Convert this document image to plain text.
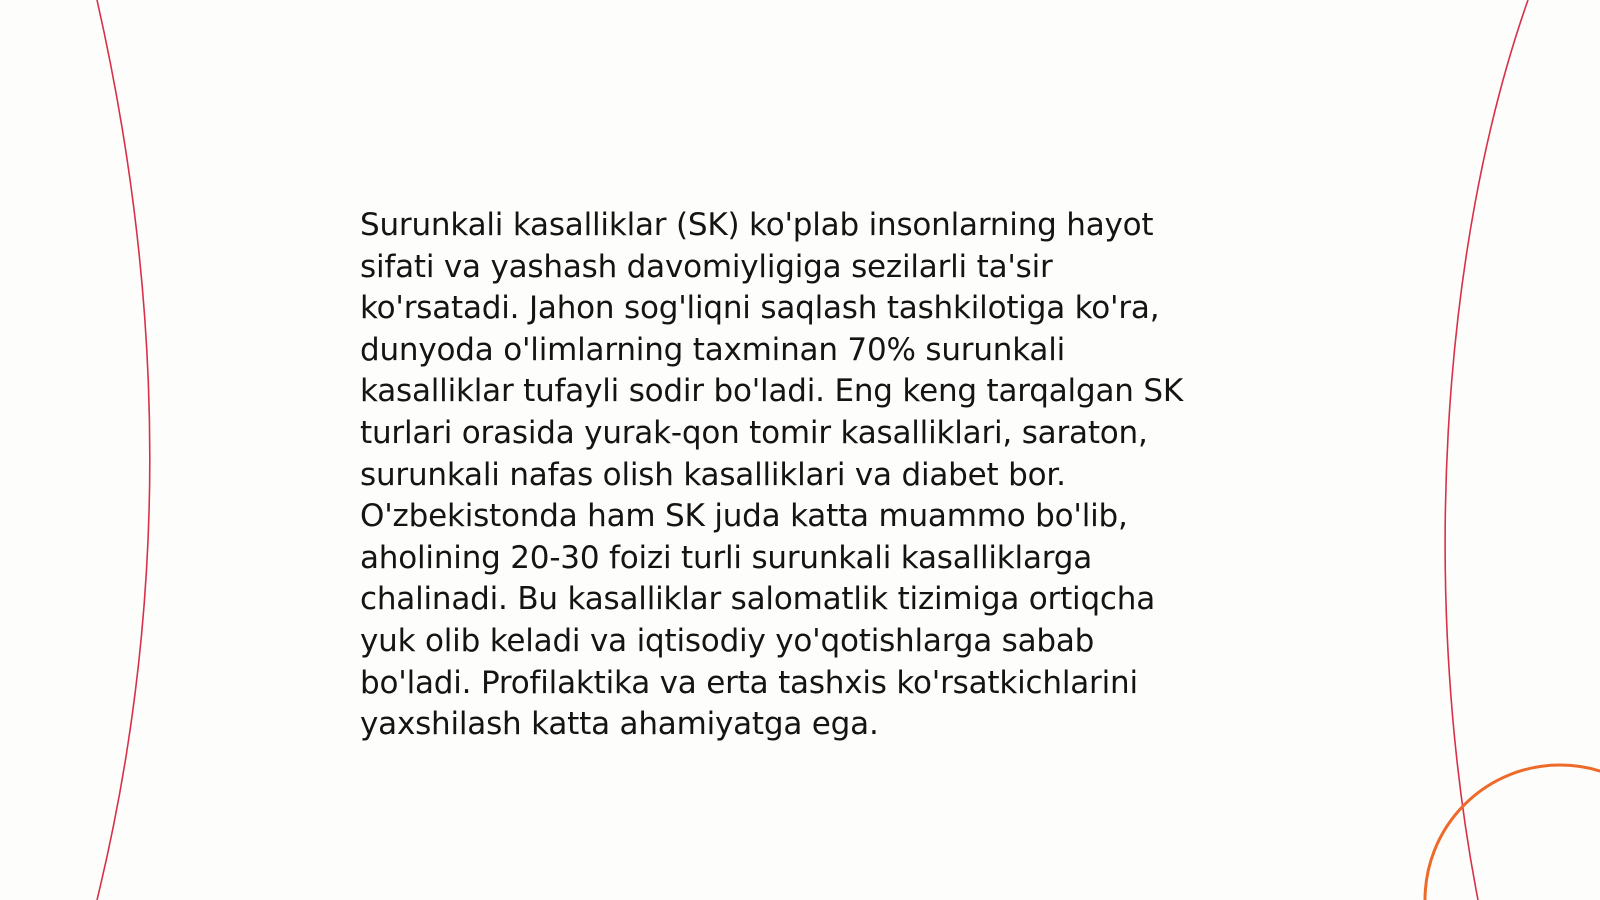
Surunkali kasalliklar (SK) ko'plab insonlarning hayot
sifati va yashash davomiyligiga sezilarli ta'sir
ko'rsatadi. Jahon sog'liqni saqlash tashkilotiga ko'ra,
dunyoda o'limlarning taxminan 70% surunkali
kasalliklar tufayli sodir bo'ladi. Eng keng tarqalgan SK
turlari orasida yurak-qon tomir kasalliklari, saraton,
surunkali nafas olish kasalliklari va diabet bor.
O'zbekistonda ham SK juda katta muammo bo'lib,
aholining 20-30 foizi turli surunkali kasalliklarga
chalinadi. Bu kasalliklar salomatlik tizimiga ortiqcha
yuk olib keladi va iqtisodiy yo'qotishlarga sabab
bo'ladi. Profilaktika va erta tashxis ko'rsatkichlarini
yaxshilash katta ahamiyatga ega.
